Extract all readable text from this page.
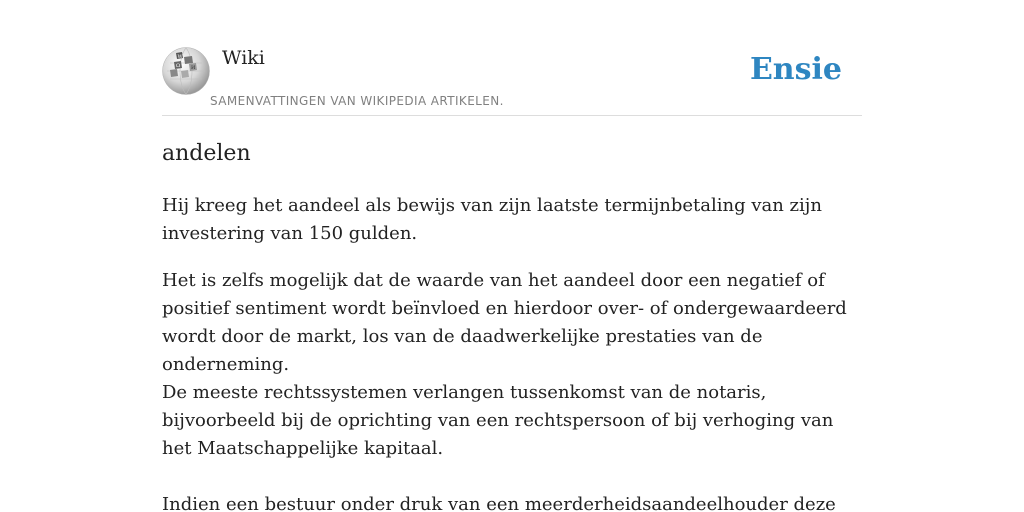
W
Ω И Wiki
SAMENVATTINGEN VAN WIKIPEDIA ARTIKELEN.
Ensie
andelen

Hij kreeg het aandeel als bewijs van zijn laatste termijnbetaling van zijn investering van 150 gulden.

Het is zelfs mogelijk dat de waarde van het aandeel door een negatief of positief sentiment wordt beïnvloed en hierdoor over- of ondergewaardeerd wordt door de markt, los van de daadwerkelijke prestaties van de onderneming.

De meeste rechtssystemen verlangen tussenkomst van de notaris, bijvoorbeeld bij de oprichting van een rechtspersoon of bij verhoging van het Maatschappelijke kapitaal.

Indien een bestuur onder druk van een meerderheidsaandeelhouder deze
